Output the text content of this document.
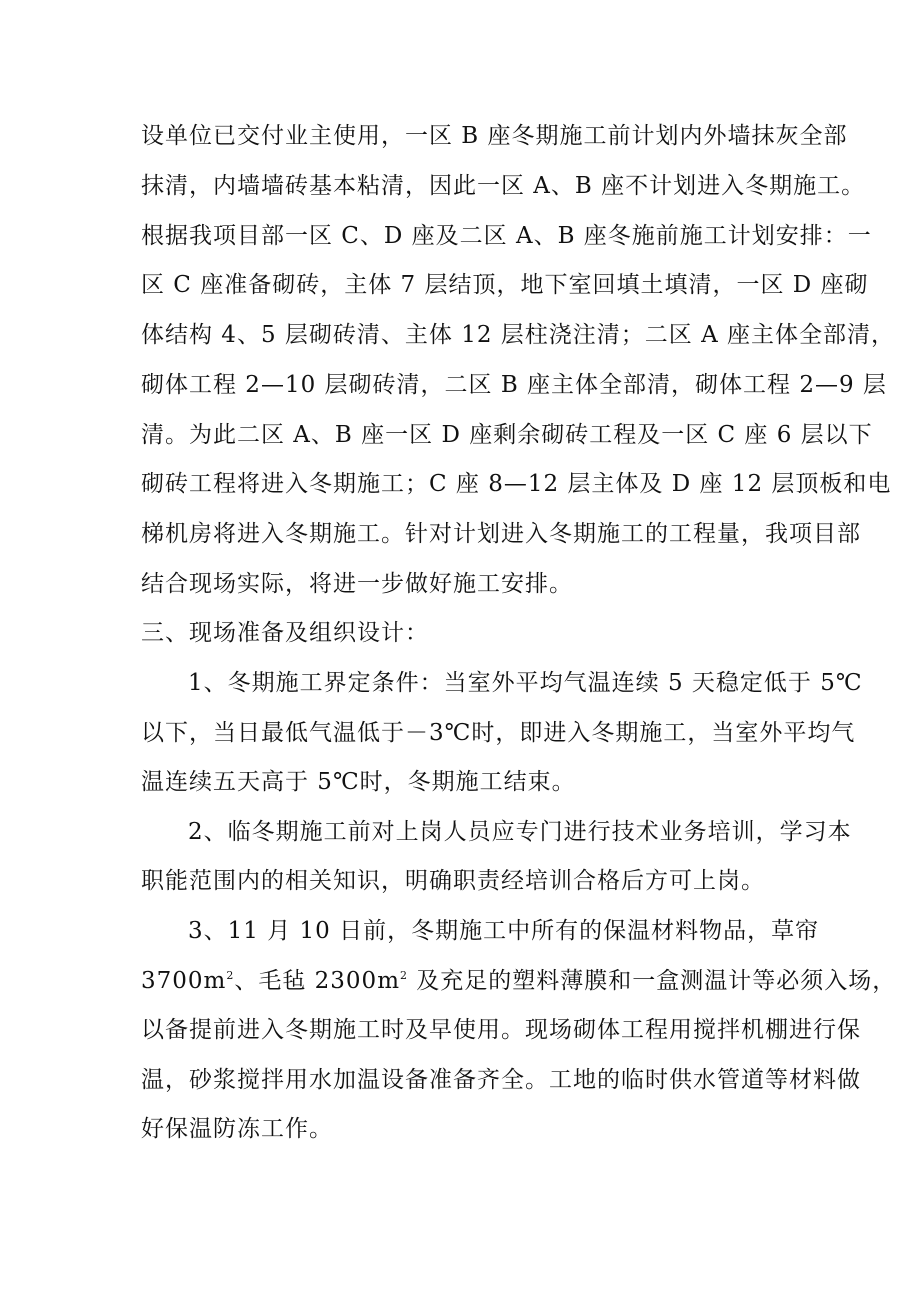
设单位已交付业主使用，一区 B 座冬期施工前计划内外墙抹灰全部
抹清，内墙墙砖基本粘清，因此一区 A、B 座不计划进入冬期施工。
根据我项目部一区 C、D 座及二区 A、B 座冬施前施工计划安排：一
区 C 座准备砌砖，主体 7 层结顶，地下室回填土填清，一区 D 座砌
体结构 4、5 层砌砖清、主体 12 层柱浇注清；二区 A 座主体全部清，
砌体工程 2—10 层砌砖清，二区 B 座主体全部清，砌体工程 2—9 层
清。为此二区 A、B 座一区 D 座剩余砌砖工程及一区 C 座 6 层以下
砌砖工程将进入冬期施工；C 座 8—12 层主体及 D 座 12 层顶板和电
梯机房将进入冬期施工。针对计划进入冬期施工的工程量，我项目部
结合现场实际，将进一步做好施工安排。
三、现场准备及组织设计：
1、冬期施工界定条件：当室外平均气温连续 5 天稳定低于 5℃
以下，当日最低气温低于－3℃时，即进入冬期施工，当室外平均气
温连续五天高于 5℃时，冬期施工结束。
2、临冬期施工前对上岗人员应专门进行技术业务培训，学习本
职能范围内的相关知识，明确职责经培训合格后方可上岗。
3、11 月 10 日前，冬期施工中所有的保温材料物品，草帘
$3700m^2$、毛毡 $2300m^2$ 及充足的塑料薄膜和一盒测温计等必须入场，
以备提前进入冬期施工时及早使用。现场砌体工程用搅拌机棚进行保
温，砂浆搅拌用水加温设备准备齐全。工地的临时供水管道等材料做
好保温防冻工作。
